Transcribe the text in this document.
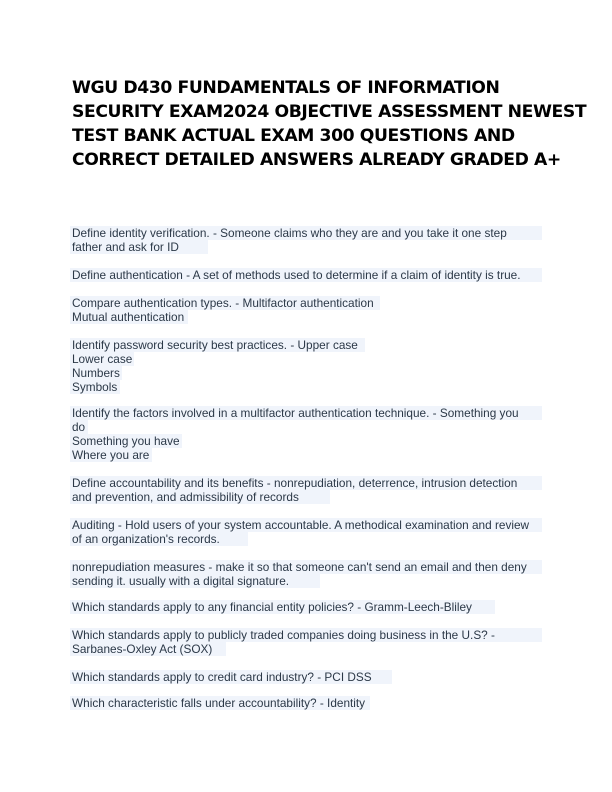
WGU D430 FUNDAMENTALS OF INFORMATION
SECURITY EXAM2024 OBJECTIVE ASSESSMENT NEWEST
TEST BANK ACTUAL EXAM 300 QUESTIONS AND
CORRECT DETAILED ANSWERS ALREADY GRADED A+
Define identity verification. - Someone claims who they are and you take it one step
father and ask for ID
Define authentication - A set of methods used to determine if a claim of identity is true.
Compare authentication types. - Multifactor authentication
Mutual authentication
Identify password security best practices. - Upper case
Lower case
Numbers
Symbols
Identify the factors involved in a multifactor authentication technique. - Something you
do
Something you have
Where you are
Define accountability and its benefits - nonrepudiation, deterrence, intrusion detection
and prevention, and admissibility of records
Auditing - Hold users of your system accountable. A methodical examination and review
of an organization's records.
nonrepudiation measures - make it so that someone can't send an email and then deny
sending it. usually with a digital signature.
Which standards apply to any financial entity policies? - Gramm-Leech-Bliley
Which standards apply to publicly traded companies doing business in the U.S? -
Sarbanes-Oxley Act (SOX)
Which standards apply to credit card industry? - PCI DSS
Which characteristic falls under accountability? - Identity
